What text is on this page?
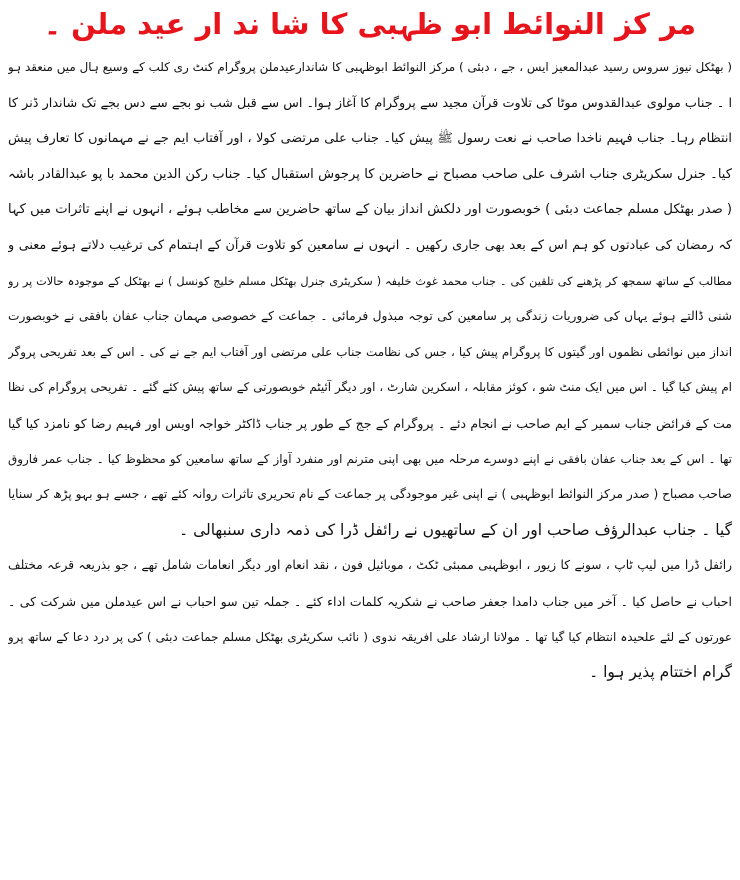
مر کز النوائط ابو ظہبی کا شا ند ار عید ملن ۔
( بھٹکل نیوز سروس رسید عبدالمعیز ایس ، جے ، دبئی ) مرکز النوائط ابوظہبی کا شاندارعیدملن پروگرام کنٹ ری کلب کے وسیع ہال میں منعقد ہو
ا ۔ جناب مولوی عبدالقدوس موٹا کی تلاوت قرآن مجید سے پروگرام کا آغاز ہوا۔ اس سے قبل شب نو بجے سے دس بجے تک شاندار ڈنر کا
انتظام رہا۔ جناب فہیم ناخدا صاحب نے نعت رسول ﷺ پیش کیا۔ جناب علی مرتضی کولا ، اور آفتاب ایم جے نے مہمانوں کا تعارف پیش
کیا۔ جنرل سکریٹری جناب اشرف علی صاحب مصباح نے حاضرین کا پرجوش استقبال کیا۔ جناب رکن الدین محمد با پو عبدالقادر باشہ
( صدر بھٹکل مسلم جماعت دبئی ) خوبصورت اور دلکش انداز بیان کے ساتھ حاضرین سے مخاطب ہوئے ، انہوں نے اپنے تاثرات میں کہا
کہ رمضان کی عبادتوں کو ہم اس کے بعد بھی جاری رکھیں ۔ انہوں نے سامعین کو تلاوت قرآن کے اہتمام کی ترغیب دلاتے ہوئے معنی و
مطالب کے ساتھ سمجھ کر پڑھنے کی تلقین کی ۔ جناب محمد غوث خلیفہ ( سکریٹری جنرل بھٹکل مسلم خلیج کونسل ) نے بھٹکل کے موجودہ حالات پر رو
شنی ڈالتے ہوئے یہاں کی ضروریات زندگی پر سامعین کی توجہ مبذول فرمائی ۔ جماعت کے خصوصی مہمان جناب عفان بافقی نے خوبصورت
انداز میں نوائطی نظموں اور گیتوں کا پروگرام پیش کیا ، جس کی نظامت جناب علی مرتضی اور آفتاب ایم جے نے کی ۔ اس کے بعد تفریحی پروگر
ام پیش کیا گیا ۔ اس میں ایک منٹ شو ، کوئز مقابلہ ، اسکرین شارٹ ، اور دیگر آئیٹم خوبصورتی کے ساتھ پیش کئے گئے ۔ تفریحی پروگرام کی نظا
مت کے فرائض جناب سمیر کے ایم صاحب نے انجام دئے ۔ پروگرام کے جج کے طور پر جناب ڈاکٹر خواجہ اویس اور فہیم رضا کو نامزد کیا گیا
تھا ۔ اس کے بعد جناب عفان بافقی نے اپنے دوسرے مرحلہ میں بھی اپنی مترنم اور منفرد آواز کے ساتھ سامعین کو محظوظ کیا ۔ جناب عمر فاروق
صاحب مصباح ( صدر مرکز النوائط ابوظہبی ) نے اپنی غیر موجودگی پر جماعت کے نام تحریری تاثرات روانہ کئے تھے ، جسے ہو بہو پڑھ کر سنایا
گیا ۔ جناب عبدالرؤف صاحب اور ان کے ساتھیوں نے رائفل ڈرا کی ذمہ داری سنبھالی ۔
رائفل ڈرا میں لیپ ٹاپ ، سونے کا زیور ، ابوظہبی ممبئی ٹکٹ ، موبائیل فون ، نقد انعام اور دیگر انعامات شامل تھے ، جو بذریعہ قرعہ مختلف
احباب نے حاصل کیا ۔ آخر میں جناب دامدا جعفر صاحب نے شکریہ کلمات اداء کئے ۔ جملہ تین سو احباب نے اس عیدملن میں شرکت کی ۔
عورتوں کے لئے علحیدہ انتظام کیا گیا تھا ۔ مولانا ارشاد علی افریقہ ندوی ( نائب سکریٹری بھٹکل مسلم جماعت دبئی ) کی پر درد دعا کے ساتھ پرو
گرام اختتام پذیر ہوا ۔
